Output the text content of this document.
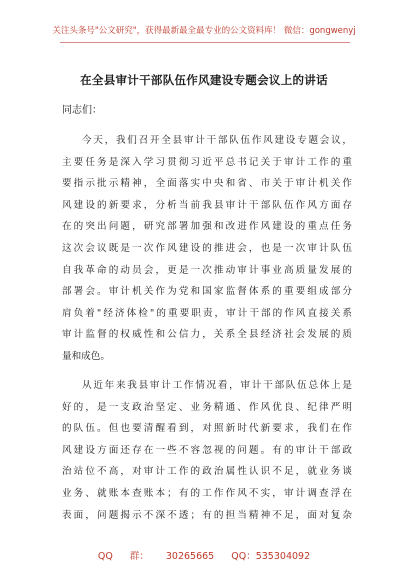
关注头条号"公文研究"，获得最新最全最专业的公文资料库！ 微信：gongwenyj
在全县审计干部队伍作风建设专题会议上的讲话
同志们：
今天，我们召开全县审计干部队伍作风建设专题会议，
主要任务是深入学习贯彻习近平总书记关于审计工作的重
要指示批示精神，全面落实中央和省、市关于审计机关作
风建设的新要求，分析当前我县审计干部队伍作风方面存
在的突出问题，研究部署加强和改进作风建设的重点任务
这次会议既是一次作风建设的推进会，也是一次审计队伍
自我革命的动员会，更是一次推动审计事业高质量发展的
部署会。审计机关作为党和国家监督体系的重要组成部分
肩负着"经济体检"的重要职责，审计干部的作风直接关系
审计监督的权威性和公信力，关系全县经济社会发展的质
量和成色。
从近年来我县审计工作情况看，审计干部队伍总体上是
好的，是一支政治坚定、业务精通、作风优良、纪律严明
的队伍。但也要清醒看到，对照新时代新要求，我们在作
风建设方面还存在一些不容忽视的问题。有的审计干部政
治站位不高，对审计工作的政治属性认识不足，就业务谈
业务、就账本查账本；有的工作作风不实，审计调查浮在
表面，问题揭示不深不透；有的担当精神不足，面对复杂
QQ 群： 30265665 QQ：535304092
